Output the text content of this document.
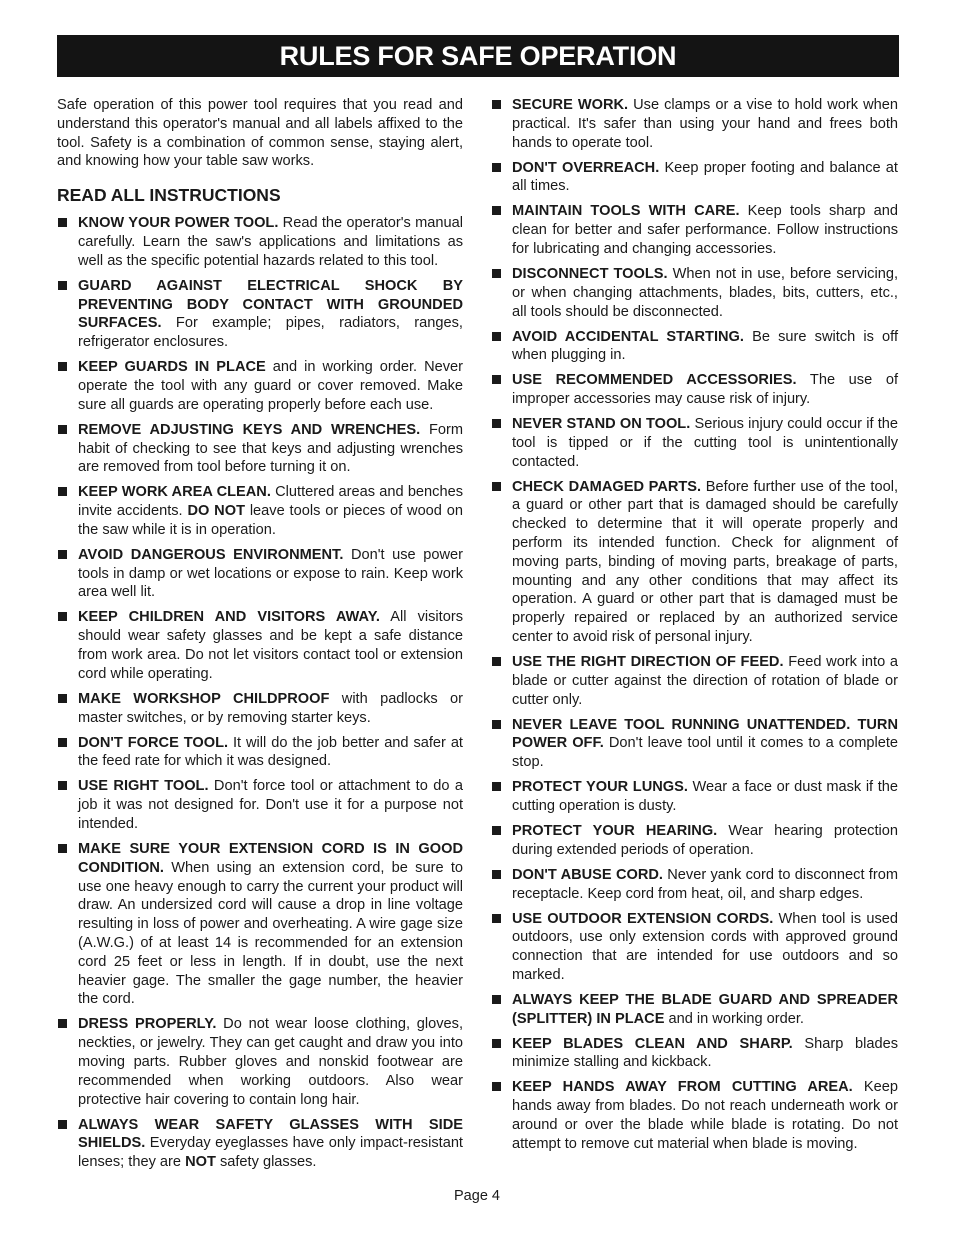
RULES FOR SAFE OPERATION

Safe operation of this power tool requires that you read and understand this operator's manual and all labels affixed to the tool. Safety is a combination of common sense, staying alert, and knowing how your table saw works.

READ ALL INSTRUCTIONS
KNOW YOUR POWER TOOL. Read the operator's manual carefully. Learn the saw's applications and limitations as well as the specific potential hazards related to this tool.
GUARD AGAINST ELECTRICAL SHOCK BY PREVENTING BODY CONTACT WITH GROUNDED SURFACES. For example; pipes, radiators, ranges, refrigerator enclosures.
KEEP GUARDS IN PLACE and in working order. Never operate the tool with any guard or cover removed. Make sure all guards are operating properly before each use.
REMOVE ADJUSTING KEYS AND WRENCHES. Form habit of checking to see that keys and adjusting wrenches are removed from tool before turning it on.
KEEP WORK AREA CLEAN. Cluttered areas and benches invite accidents. DO NOT leave tools or pieces of wood on the saw while it is in operation.
AVOID DANGEROUS ENVIRONMENT. Don't use power tools in damp or wet locations or expose to rain. Keep work area well lit.
KEEP CHILDREN AND VISITORS AWAY. All visitors should wear safety glasses and be kept a safe distance from work area. Do not let visitors contact tool or extension cord while operating.
MAKE WORKSHOP CHILDPROOF with padlocks or master switches, or by removing starter keys.
DON'T FORCE TOOL. It will do the job better and safer at the feed rate for which it was designed.
USE RIGHT TOOL. Don't force tool or attachment to do a job it was not designed for. Don't use it for a purpose not intended.
MAKE SURE YOUR EXTENSION CORD IS IN GOOD CONDITION. When using an extension cord, be sure to use one heavy enough to carry the current your product will draw. An undersized cord will cause a drop in line voltage resulting in loss of power and overheating. A wire gage size (A.W.G.) of at least 14 is recommended for an extension cord 25 feet or less in length. If in doubt, use the next heavier gage. The smaller the gage number, the heavier the cord.
DRESS PROPERLY. Do not wear loose clothing, gloves, neckties, or jewelry. They can get caught and draw you into moving parts. Rubber gloves and nonskid footwear are recommended when working outdoors. Also wear protective hair covering to contain long hair.
ALWAYS WEAR SAFETY GLASSES WITH SIDE SHIELDS. Everyday eyeglasses have only impact-resistant lenses; they are NOT safety glasses.
SECURE WORK. Use clamps or a vise to hold work when practical. It's safer than using your hand and frees both hands to operate tool.
DON'T OVERREACH. Keep proper footing and balance at all times.
MAINTAIN TOOLS WITH CARE. Keep tools sharp and clean for better and safer performance. Follow instructions for lubricating and changing accessories.
DISCONNECT TOOLS. When not in use, before servicing, or when changing attachments, blades, bits, cutters, etc., all tools should be disconnected.
AVOID ACCIDENTAL STARTING. Be sure switch is off when plugging in.
USE RECOMMENDED ACCESSORIES. The use of improper accessories may cause risk of injury.
NEVER STAND ON TOOL. Serious injury could occur if the tool is tipped or if the cutting tool is unintentionally contacted.
CHECK DAMAGED PARTS. Before further use of the tool, a guard or other part that is damaged should be carefully checked to determine that it will operate properly and perform its intended function. Check for alignment of moving parts, binding of moving parts, breakage of parts, mounting and any other conditions that may affect its operation. A guard or other part that is damaged must be properly repaired or replaced by an authorized service center to avoid risk of personal injury.
USE THE RIGHT DIRECTION OF FEED. Feed work into a blade or cutter against the direction of rotation of blade or cutter only.
NEVER LEAVE TOOL RUNNING UNATTENDED. TURN POWER OFF. Don't leave tool until it comes to a complete stop.
PROTECT YOUR LUNGS. Wear a face or dust mask if the cutting operation is dusty.
PROTECT YOUR HEARING. Wear hearing protection during extended periods of operation.
DON'T ABUSE CORD. Never yank cord to disconnect from receptacle. Keep cord from heat, oil, and sharp edges.
USE OUTDOOR EXTENSION CORDS. When tool is used outdoors, use only extension cords with approved ground connection that are intended for use outdoors and so marked.
ALWAYS KEEP THE BLADE GUARD AND SPREADER (SPLITTER) IN PLACE and in working order.
KEEP BLADES CLEAN AND SHARP. Sharp blades minimize stalling and kickback.
KEEP HANDS AWAY FROM CUTTING AREA. Keep hands away from blades. Do not reach underneath work or around or over the blade while blade is rotating. Do not attempt to remove cut material when blade is moving.
Page 4
